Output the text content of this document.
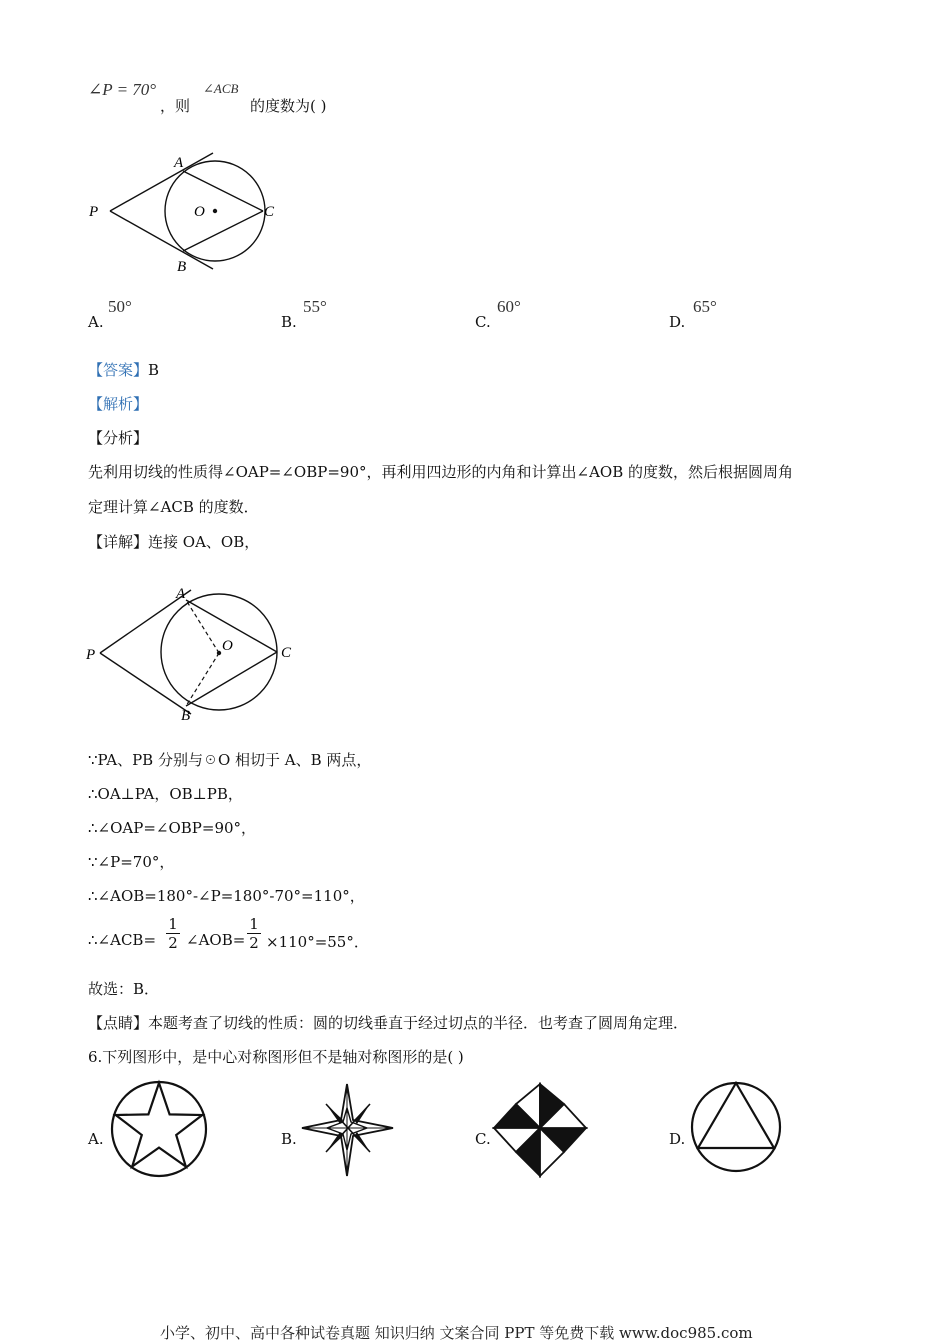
∠P = 70°
，则
∠ACB
的度数为( )
A
B
C
P	O
A.
50°
B.
55°
C.
60°
D.
65°
【答案】B
【解析】
【分析】
先利用切线的性质得∠OAP=∠OBP=90°，再利用四边形的内角和计算出∠AOB 的度数，然后根据圆周角
定理计算∠ACB 的度数．
【详解】连接 OA、OB，
A
B
C
P
O
∵PA、PB 分别与☉O 相切于 A、B 两点，
∴OA⊥PA，OB⊥PB，
∴∠OAP=∠OBP=90°，
∵∠P=70°，
∴∠AOB=180°-∠P=180°-70°=110°，
∴∠ACB=
1
2 ∠AOB=
1
2 ×110°=55°．
故选：B．
【点睛】本题考查了切线的性质：圆的切线垂直于经过切点的半径．也考查了圆周角定理．
6.下列图形中，是中心对称图形但不是轴对称图形的是( )
A.	B.	C.	D.
小学、初中、高中各种试卷真题 知识归纳 文案合同 PPT 等免费下载 www.doc985.com
